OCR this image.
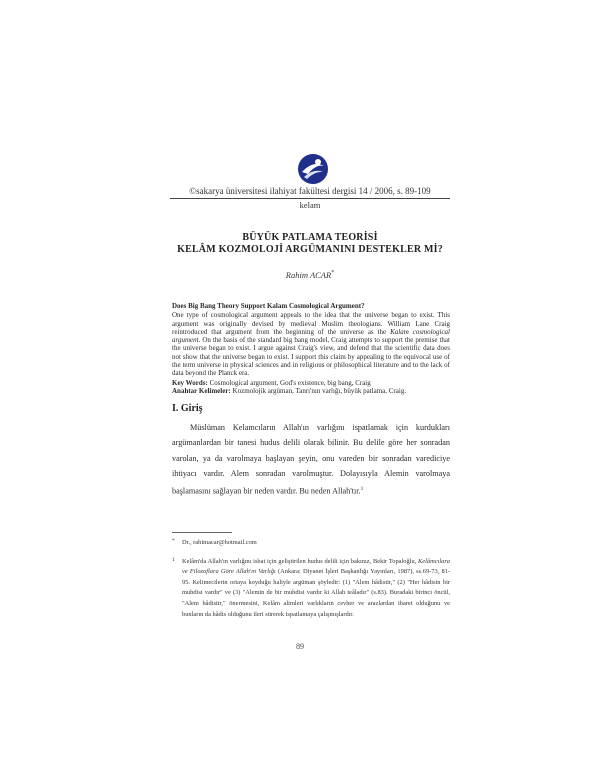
©sakarya üniversitesi ilahiyat fakültesi dergisi 14 / 2006, s. 89-109
kelam
BÜYÜK PATLAMA TEORİSİ
KELÂM KOZMOLOJİ ARGÜMANINI DESTEKLER Mİ?
Rahim ACAR*
Does Big Bang Theory Support Kalam Cosmological Argument?

One type of cosmological argument appeals to the idea that the universe began to exist. This argument was originally devised by medieval Muslim theologians. William Lane Craig reintroduced that argument from the beginning of the universe as the Kalam cosmological argument. On the basis of the standard big bang model, Craig attempts to support the premise that the universe began to exist. I argue against Craig's view, and defend that the scientific data does not show that the universe began to exist. I support this claim by appealing to the equivocal use of the term universe in physical sciences and in religious or philosophical literature and to the lack of data beyond the Planck era.

Key Words: Cosmological argument, God's existence, big bang, Craig
Anahtar Kelimeler: Kozmolojik argüman, Tanrı'nın varlığı, büyük patlama, Craig.
I. Giriş

Müslüman Kelamcıların Allah'ın varlığını ispatlamak için kurdukları argümanlardan bir tanesi hudus delili olarak bilinir. Bu delile göre her sonradan varolan, ya da varolmaya başlayan şeyin, onu vareden bir sonradan varediciye ihtiyacı vardır. Alem sonradan varolmuştur. Dolayısıyla Alemin varolmaya başlamasını sağlayan bir neden vardır. Bu neden Allah'tır.$^1$

* Dr., rahimacar@hotmail.com
1 Kelâm'da Allah'ın varlığını isbat için geliştirilen hudus delili için bakınız, Bekir Topaloğlu, Kelâmcılara ve Filozoflara Göre Allah'ın Varlığı (Ankara: Diyanet İşleri Başkanlığı Yayınları, 1987), ss.69-73, 81-95. Kelimecilerin ortaya koyduğu haliyle argüman şöyledir: (1) "Alem hâdistir," (2) "Her hâdisin bir muhdisi vardır" ve (3) "Alemin de bir muhdisi vardır ki Allah teâladır" (s.83). Buradaki birinci öncül, "Alem hâdistir," önermesini, Kelâm alimleri varlıkların cevher ve arazlardan ibaret olduğunu ve bunların da hâdis olduğunu ileri sürerek ispatlamaya çalışmışlardır.
89
